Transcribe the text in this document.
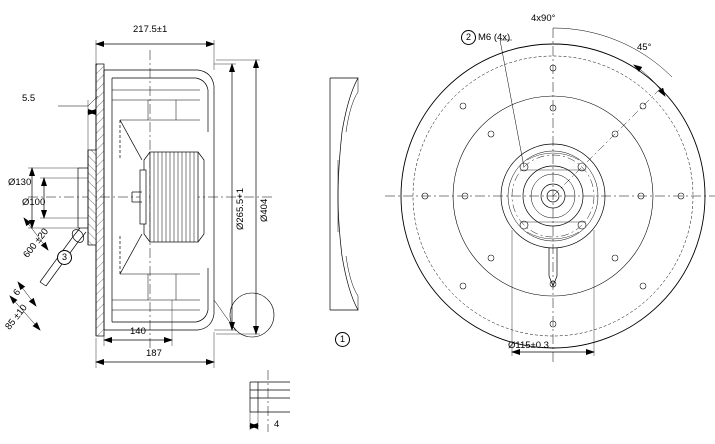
217.5±1
5.5
Ø130
Ø100
600 ±20
6
85 ±10
Ø265.5+1 Ø404
140
187
4
Ø115±0.3
M6 (4x)
4x90°
45°
1
2
3
